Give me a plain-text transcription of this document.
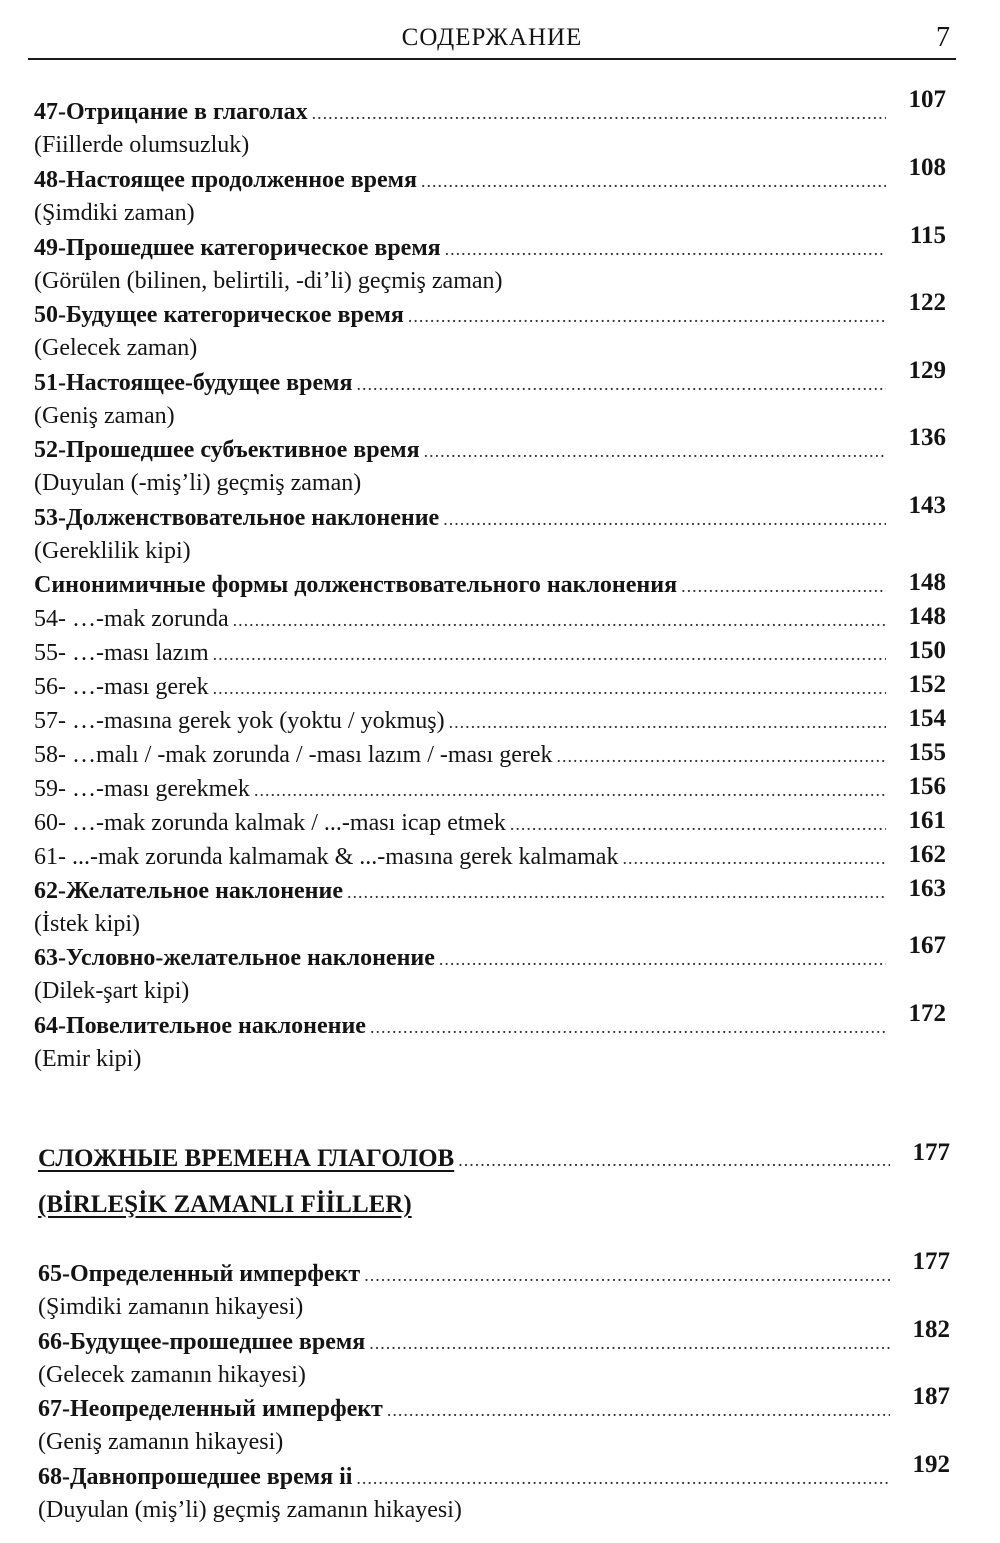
СОДЕРЖАНИЕ	7
47-Отрицание в глаголах .....	107
(Fiillerde olumsuzluk)
48-Настоящее продолженное время .....	108
(Şimdiki zaman)
49-Прошедшее категорическое время .....	115
(Görülen (bilinen, belirtili, -di’li) geçmiş zaman)
50-Будущее категорическое время .....	122
(Gelecek zaman)
51-Настоящее-будущее время .....	129
(Geniş zaman)
52-Прошедшее субъективное время .....	136
(Duyulan (-miş’li) geçmiş zaman)
53-Долженствовательное наклонение .....	143
(Gereklilik kipi)
Синонимичные формы долженствовательного наклонения .....	148
54- …-mak zorunda .....	148
55- …-ması lazım .....	150
56- …-ması gerek .....	152
57- …-masına gerek yok (yoktu / yokmuş) .....	154
58- …malı / -mak zorunda / -ması lazım / -ması gerek .....	155
59- …-ması gerekmek .....	156
60- …-mak zorunda kalmak / ...-ması icap etmek .....	161
61- ...-mak zorunda kalmamak & ...-masına gerek kalmamak .....	162
62-Желательное наклонение .....	163
(İstek kipi)
63-Условно-желательное наклонение .....	167
(Dilek-şart kipi)
64-Повелительное наклонение .....	172
(Emir kipi)
СЛОЖНЫЕ ВРЕМЕНА ГЛАГОЛОВ .....	177
(BİRLEŞİK ZAMANLI FİİLLER)
65-Определенный имперфект .....	177
(Şimdiki zamanın hikayesi)
66-Будущее-прошедшее время .....	182
(Gelecek zamanın hikayesi)
67-Неопределенный имперфект .....	187
(Geniş zamanın hikayesi)
68-Давнопрошедшее время ii .....	192
(Duyulan (miş’li) geçmiş zamanın hikayesi)
